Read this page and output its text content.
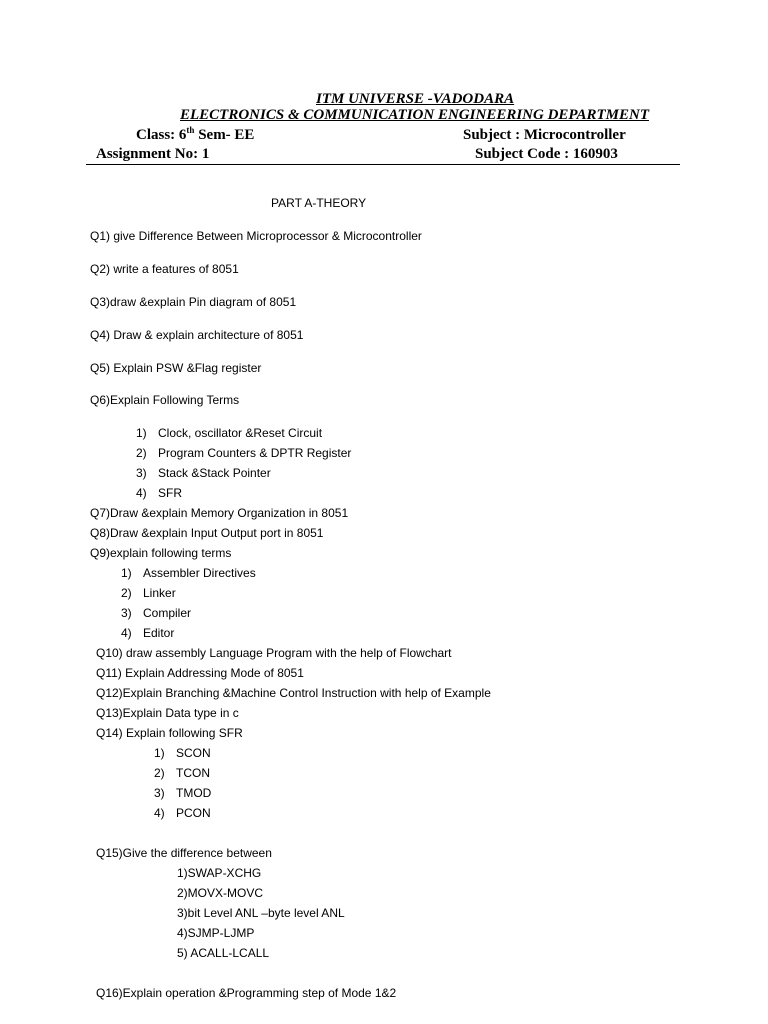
ITM UNIVERSE -VADODARA
ELECTRONICS & COMMUNICATION ENGINEERING DEPARTMENT
Class: 6th Sem- EE	Subject : Microcontroller
Assignment No: 1	Subject Code : 160903
PART A-THEORY
Q1) give Difference Between Microprocessor & Microcontroller
Q2) write a features of 8051
Q3)draw &explain Pin diagram of 8051
Q4) Draw & explain architecture of 8051
Q5) Explain PSW &Flag register
Q6)Explain Following Terms
1) Clock, oscillator &Reset Circuit
2) Program Counters & DPTR Register
3) Stack &Stack Pointer
4) SFR
Q7)Draw &explain Memory Organization in 8051
Q8)Draw &explain Input Output port in 8051
Q9)explain following terms
1) Assembler Directives
2) Linker
3) Compiler
4) Editor
Q10) draw assembly Language Program with the help of Flowchart
Q11) Explain Addressing Mode of 8051
Q12)Explain Branching &Machine Control Instruction with help of Example
Q13)Explain Data type in c
Q14) Explain following SFR
1) SCON
2) TCON
3) TMOD
4) PCON
Q15)Give the difference between
1)SWAP-XCHG
2)MOVX-MOVC
3)bit Level ANL –byte level ANL
4)SJMP-LJMP
5) ACALL-LCALL
Q16)Explain operation &Programming step of Mode 1&2
